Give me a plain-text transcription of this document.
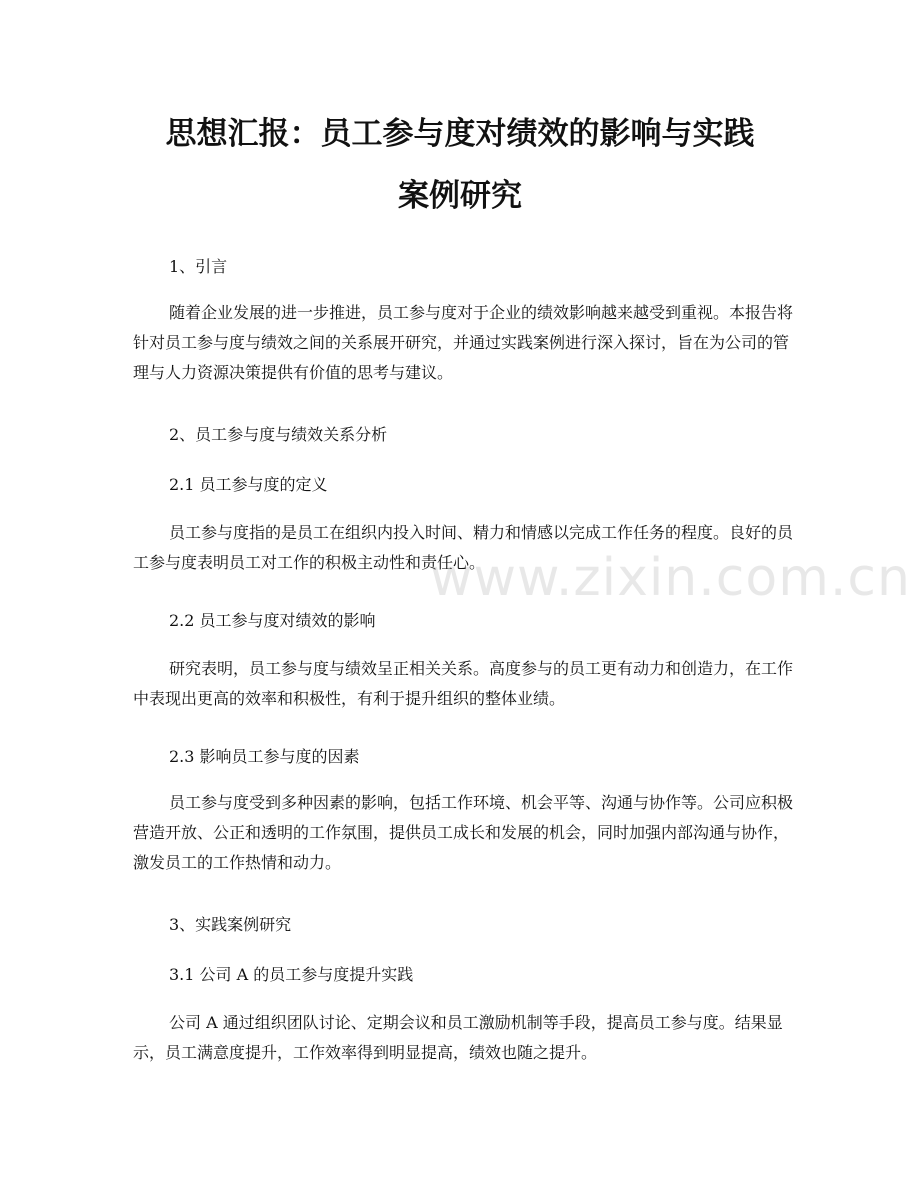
思想汇报：员工参与度对绩效的影响与实践
案例研究

1、引言

随着企业发展的进一步推进，员工参与度对于企业的绩效影响越来越受到重视。本报告将针对员工参与度与绩效之间的关系展开研究，并通过实践案例进行深入探讨，旨在为公司的管理与人力资源决策提供有价值的思考与建议。

2、员工参与度与绩效关系分析

2.1 员工参与度的定义

员工参与度指的是员工在组织内投入时间、精力和情感以完成工作任务的程度。良好的员工参与度表明员工对工作的积极主动性和责任心。

2.2 员工参与度对绩效的影响

研究表明，员工参与度与绩效呈正相关关系。高度参与的员工更有动力和创造力，在工作中表现出更高的效率和积极性，有利于提升组织的整体业绩。

2.3 影响员工参与度的因素

员工参与度受到多种因素的影响，包括工作环境、机会平等、沟通与协作等。公司应积极营造开放、公正和透明的工作氛围，提供员工成长和发展的机会，同时加强内部沟通与协作，激发员工的工作热情和动力。

3、实践案例研究

3.1 公司 A 的员工参与度提升实践

公司 A 通过组织团队讨论、定期会议和员工激励机制等手段，提高员工参与度。结果显示，员工满意度提升，工作效率得到明显提高，绩效也随之提升。

www.zixin.com.cn
